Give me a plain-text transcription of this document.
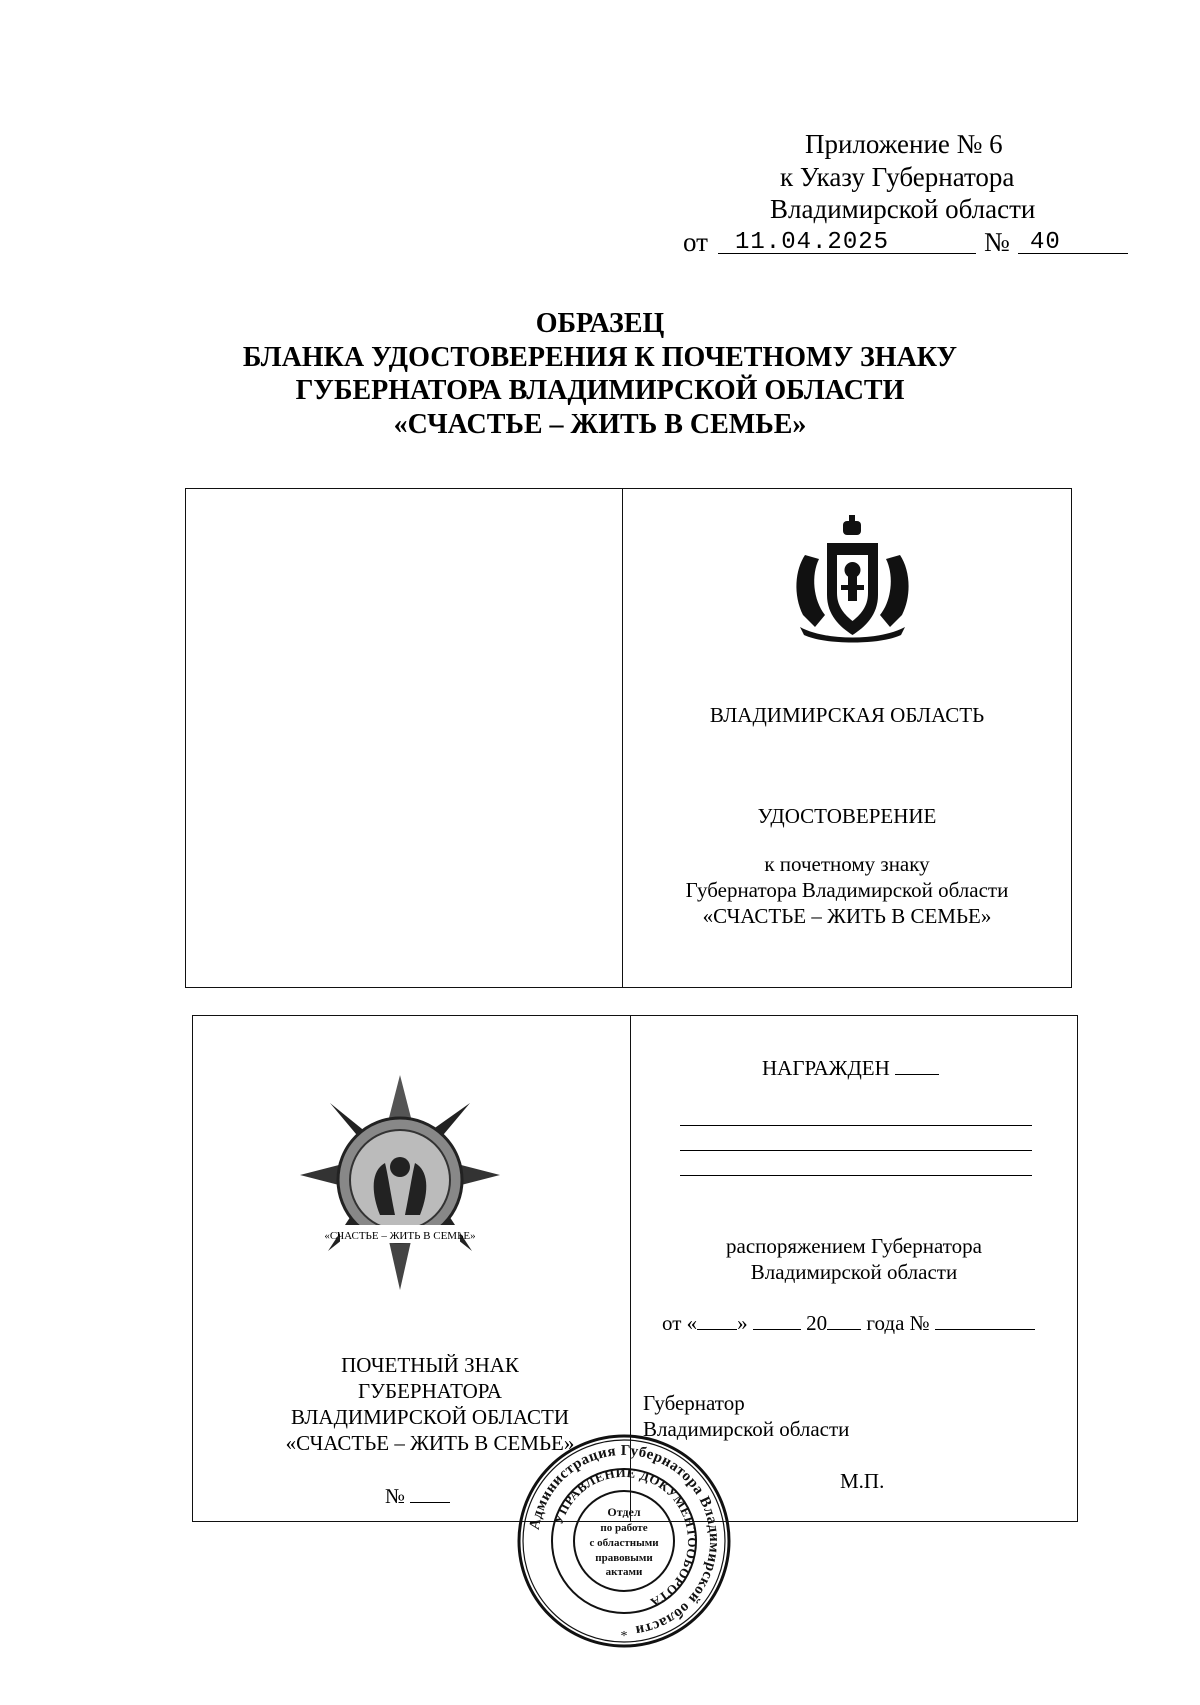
Приложение № 6
к Указу Губернатора
Владимирской области
от 11.04.2025	№ 40
ОБРАЗЕЦ
БЛАНКА УДОСТОВЕРЕНИЯ К ПОЧЕТНОМУ ЗНАКУ
ГУБЕРНАТОРА ВЛАДИМИРСКОЙ ОБЛАСТИ
«СЧАСТЬЕ – ЖИТЬ В СЕМЬЕ»
ВЛАДИМИРСКАЯ ОБЛАСТЬ
УДОСТОВЕРЕНИЕ
к почетному знаку
Губернатора Владимирской области
«СЧАСТЬЕ – ЖИТЬ В СЕМЬЕ»
«СЧАСТЬЕ – ЖИТЬ В СЕМЬЕ»
ПОЧЕТНЫЙ ЗНАК
ГУБЕРНАТОРА
ВЛАДИМИРСКОЙ ОБЛАСТИ
«СЧАСТЬЕ – ЖИТЬ В СЕМЬЕ»
№
НАГРАЖДЕН
распоряжением Губернатора
Владимирской области
от « »	20 года №
Губернатор
Владимирской области
М.П.
Администрация Губернатора Владимирской области
УПРАВЛЕНИЕ ДОКУМЕНТООБОРОТА
Отдел
по работе
с областными
правовыми
актами
*
